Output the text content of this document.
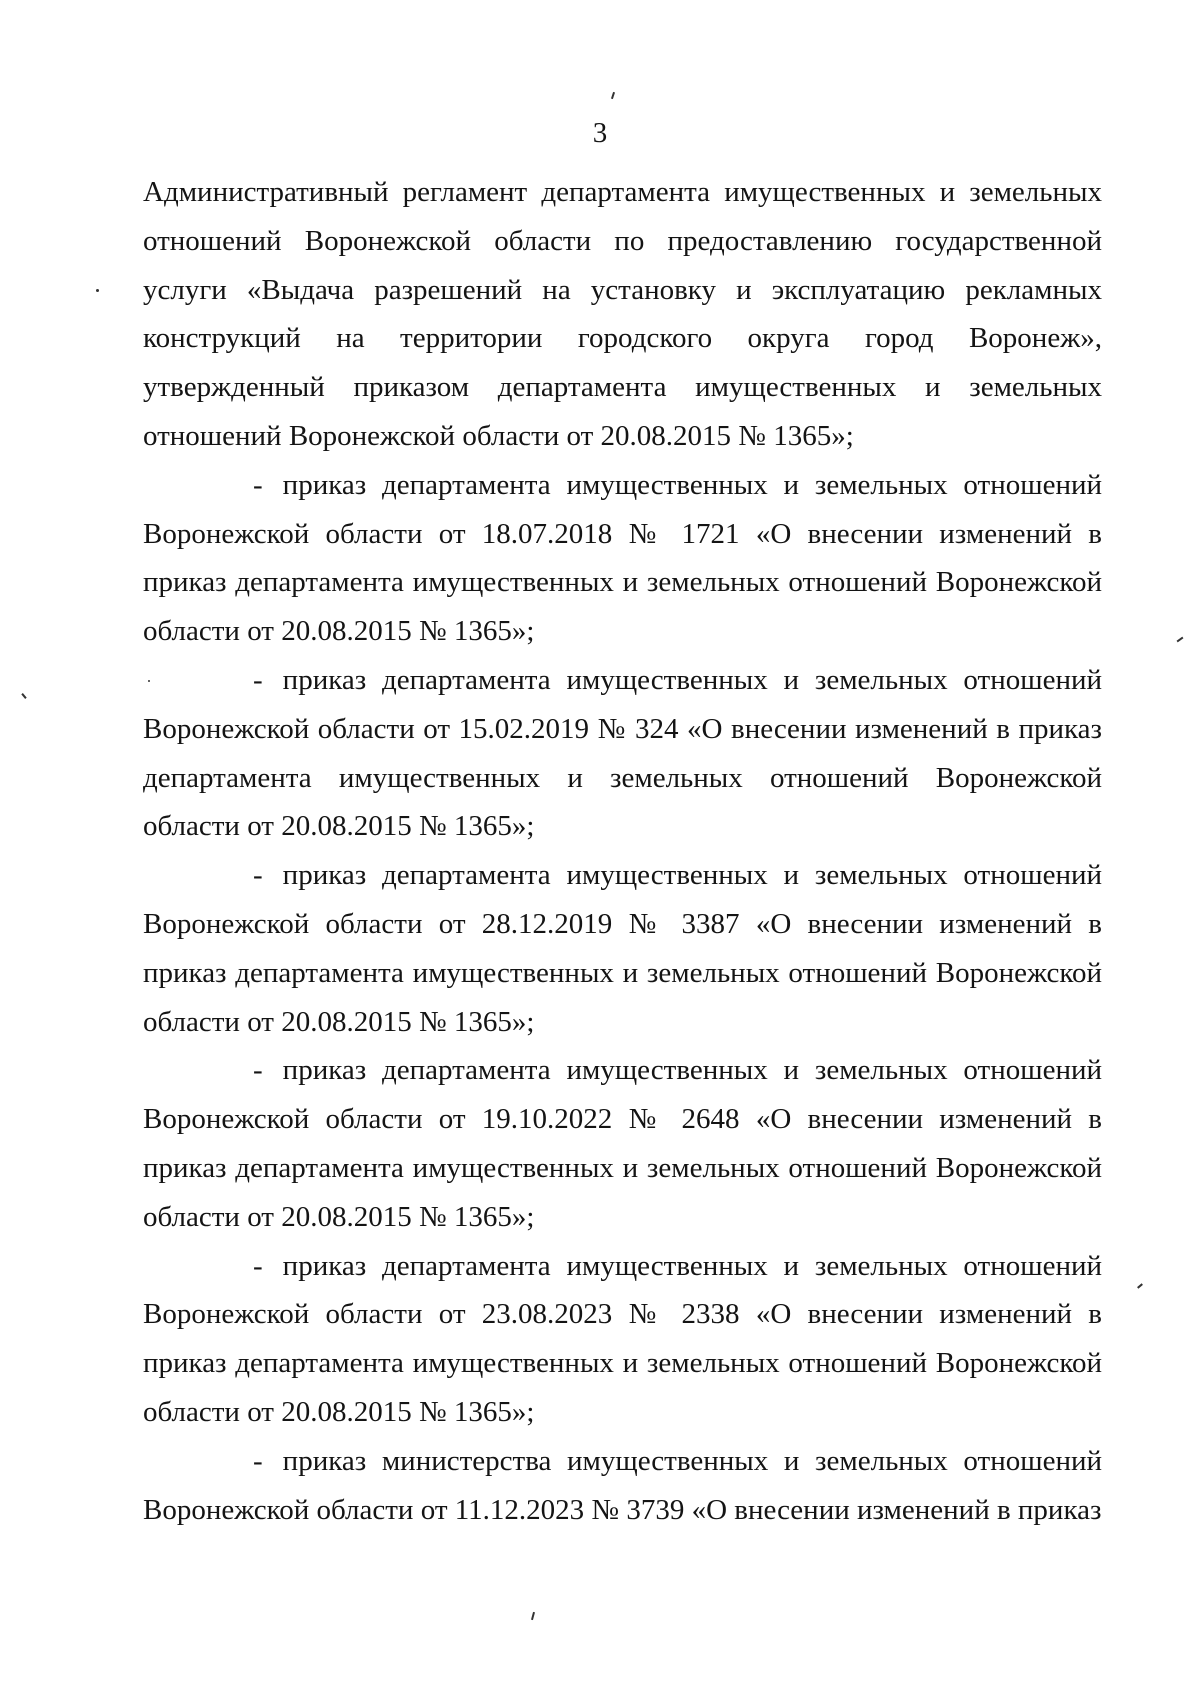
3

Административный регламент департамента имущественных и земельных отношений Воронежской области по предоставлению государственной услуги «Выдача разрешений на установку и эксплуатацию рекламных конструкций на территории городского округа город Воронеж», утвержденный приказом департамента имущественных и земельных отношений Воронежской области от 20.08.2015 № 1365»;

- приказ департамента имущественных и земельных отношений Воронежской области от 18.07.2018 № 1721 «О внесении изменений в приказ департамента имущественных и земельных отношений Воронежской области от 20.08.2015 № 1365»;

- приказ департамента имущественных и земельных отношений Воронежской области от 15.02.2019 № 324 «О внесении изменений в приказ департамента имущественных и земельных отношений Воронежской области от 20.08.2015 № 1365»;

- приказ департамента имущественных и земельных отношений Воронежской области от 28.12.2019 № 3387 «О внесении изменений в приказ департамента имущественных и земельных отношений Воронежской области от 20.08.2015 № 1365»;

- приказ департамента имущественных и земельных отношений Воронежской области от 19.10.2022 № 2648 «О внесении изменений в приказ департамента имущественных и земельных отношений Воронежской области от 20.08.2015 № 1365»;

- приказ департамента имущественных и земельных отношений Воронежской области от 23.08.2023 № 2338 «О внесении изменений в приказ департамента имущественных и земельных отношений Воронежской области от 20.08.2015 № 1365»;

- приказ министерства имущественных и земельных отношений Воронежской области от 11.12.2023 № 3739 «О внесении изменений в приказ
